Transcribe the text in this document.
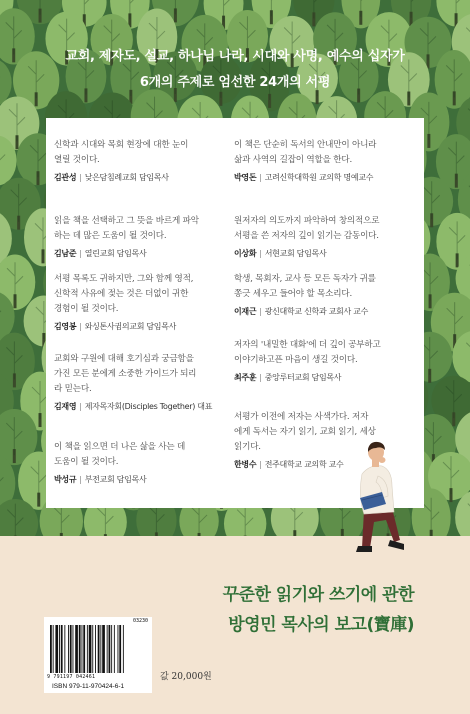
교회, 제자도, 설교, 하나님 나라, 시대와 사명, 예수의 십자가
6개의 주제로 엄선한 24개의 서평
신학과 시대와 목회 현장에 대한 눈이
열릴 것이다.
김관성 | 낮은담침례교회 담임목사
읽을 책을 선택하고 그 뜻을 바르게 파악
하는 데 많은 도움이 될 것이다.
김남준 | 열린교회 담임목사
서평 목록도 귀하지만, 그와 함께 영적,
신학적 사유에 젖는 것은 더없이 귀한
경험이 될 것이다.
김영봉 | 와싱톤사귐의교회 담임목사
교회와 구원에 대해 호기심과 궁금함을
가진 모든 분에게 소중한 가이드가 되리
라 믿는다.
김재영 | 제자목자회(Disciples Together) 대표
이 책을 읽으면 더 나은 삶을 사는 데
도움이 될 것이다.
박성규 | 부전교회 담임목사
이 책은 단순히 독서의 안내만이 아니라
삶과 사역의 길잡이 역할을 한다.
박영돈 | 고려신학대학원 교의학 명예교수
원저자의 의도까지 파악하여 창의적으로
서평을 쓴 저자의 깊이 읽기는 감동이다.
이상화 | 서현교회 담임목사
학생, 목회자, 교사 등 모든 독자가 귀를
쫑긋 세우고 들어야 할 목소리다.
이재근 | 광신대학교 신학과 교회사 교수
저자의 '내밀한 대화'에 더 깊이 공부하고
이야기하고픈 마음이 생길 것이다.
최주훈 | 중앙루터교회 담임목사
서평가 이전에 저자는 사색가다. 저자
에게 독서는 자기 읽기, 교회 읽기, 세상
읽기다.
한병수 | 전주대학교 교의학 교수
꾸준한 읽기와 쓰기에 관한
방영민 목사의 보고(寶庫)
03230
9 791197 042461
ISBN 979-11-970424-6-1
값 20,000원
